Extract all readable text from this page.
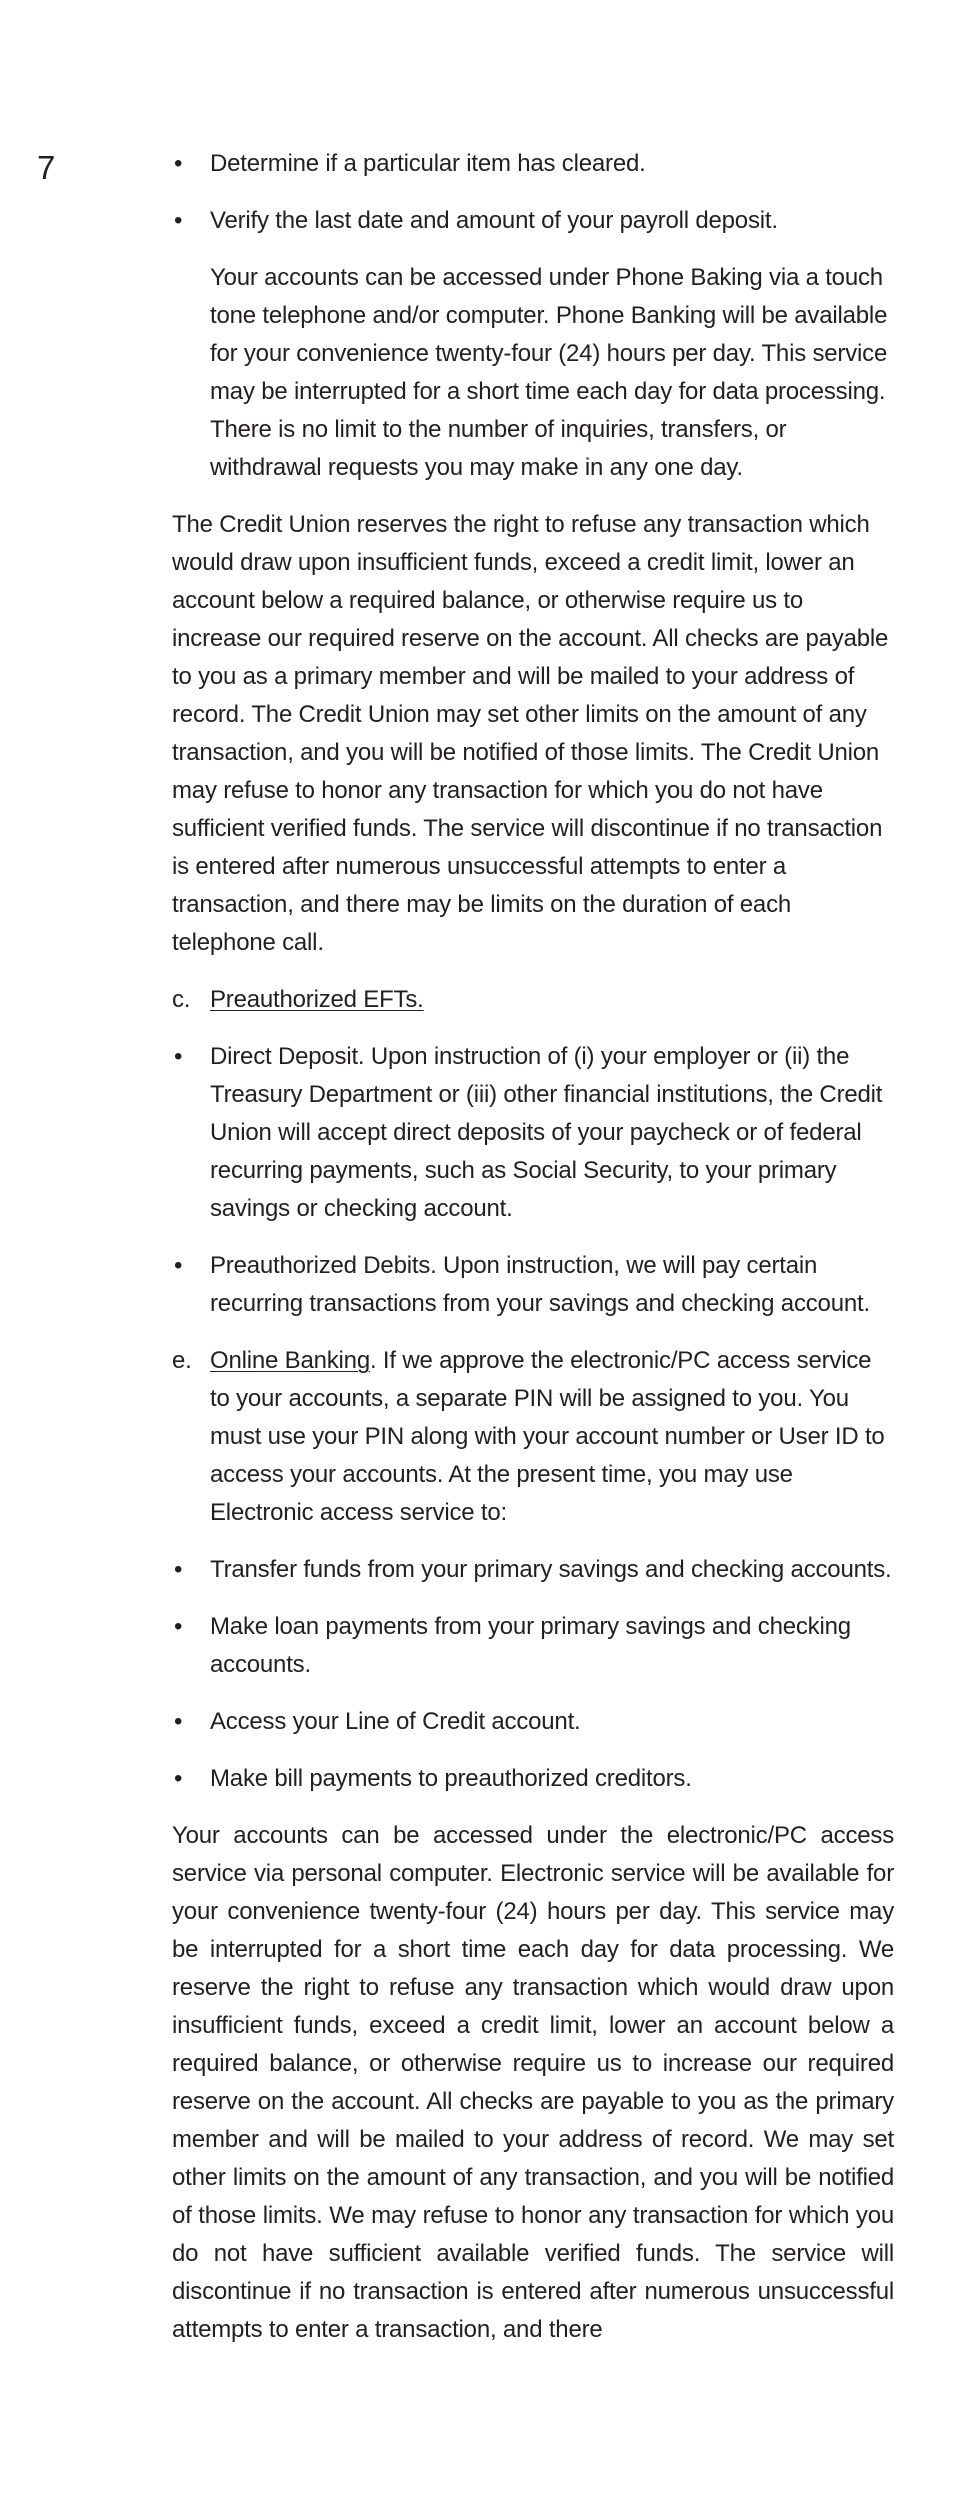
7	• Determine if a particular item has cleared.
• Verify the last date and amount of your payroll deposit.

Your accounts can be accessed under Phone Baking via a touch tone telephone and/or computer. Phone Banking will be available for your convenience twenty-four (24) hours per day. This service may be interrupted for a short time each day for data processing. There is no limit to the number of inquiries, transfers, or withdrawal requests you may make in any one day.

The Credit Union reserves the right to refuse any transaction which would draw upon insufficient funds, exceed a credit limit, lower an account below a required balance, or otherwise require us to increase our required reserve on the account. All checks are payable to you as a primary member and will be mailed to your address of record. The Credit Union may set other limits on the amount of any transaction, and you will be notified of those limits. The Credit Union may refuse to honor any transaction for which you do not have sufficient verified funds. The service will discontinue if no transaction is entered after numerous unsuccessful attempts to enter a transaction, and there may be limits on the duration of each telephone call.

c. Preauthorized EFTs.
• Direct Deposit. Upon instruction of (i) your employer or (ii) the Treasury Department or (iii) other financial institutions, the Credit Union will accept direct deposits of your paycheck or of federal recurring payments, such as Social Security, to your primary savings or checking account.
• Preauthorized Debits. Upon instruction, we will pay certain recurring transactions from your savings and checking account.
e. Online Banking. If we approve the electronic/PC access service to your accounts, a separate PIN will be assigned to you. You must use your PIN along with your account number or User ID to access your accounts. At the present time, you may use Electronic access service to:
• Transfer funds from your primary savings and checking accounts.
• Make loan payments from your primary savings and checking accounts.
• Access your Line of Credit account.
• Make bill payments to preauthorized creditors.

Your accounts can be accessed under the electronic/PC access service via personal computer. Electronic service will be available for your convenience twenty-four (24) hours per day. This service may be interrupted for a short time each day for data processing. We reserve the right to refuse any transaction which would draw upon insufficient funds, exceed a credit limit, lower an account below a required balance, or otherwise require us to increase our required reserve on the account. All checks are payable to you as the primary member and will be mailed to your address of record. We may set other limits on the amount of any transaction, and you will be notified of those limits. We may refuse to honor any transaction for which you do not have sufficient available verified funds. The service will discontinue if no transaction is entered after numerous unsuccessful attempts to enter a transaction, and there
